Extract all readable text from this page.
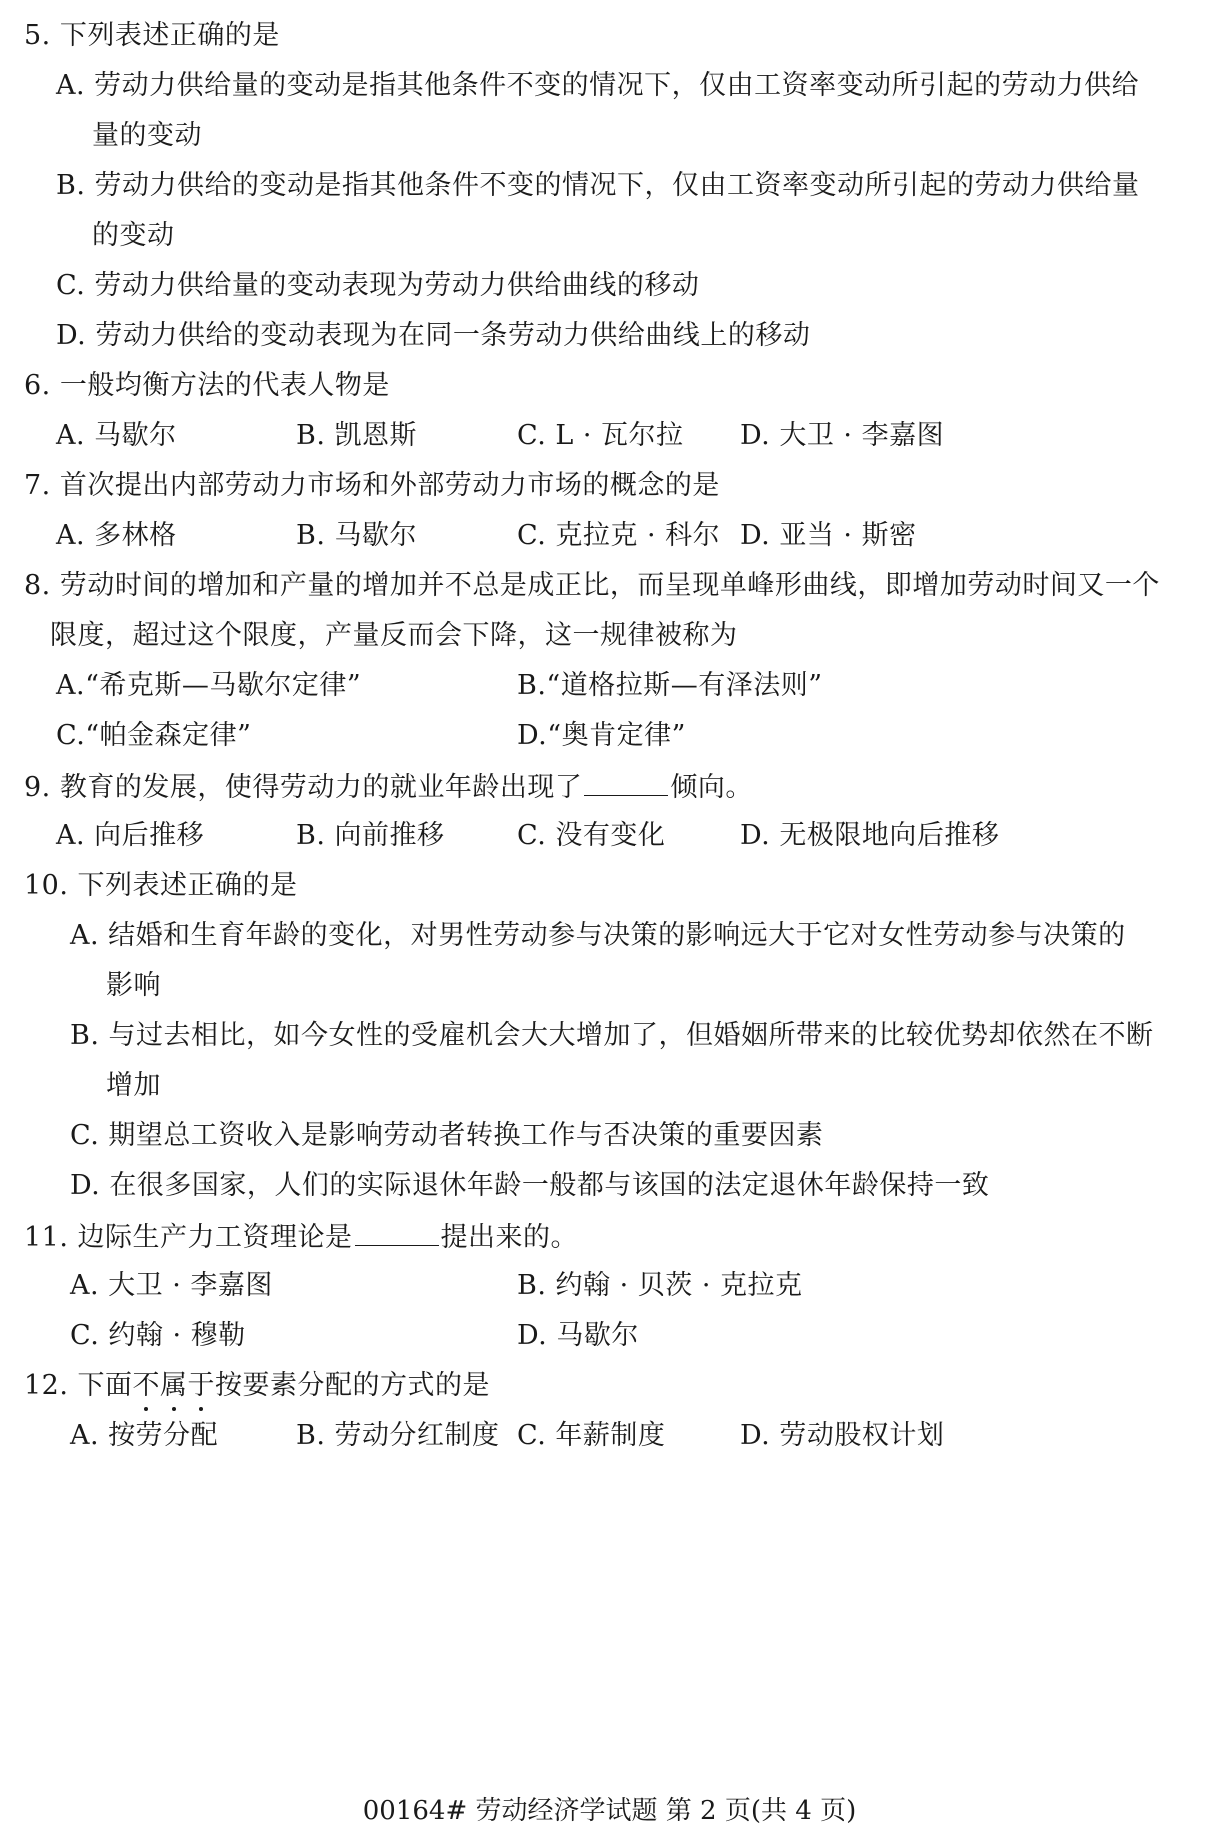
5. 下列表述正确的是
A. 劳动力供给量的变动是指其他条件不变的情况下，仅由工资率变动所引起的劳动力供给
量的变动
B. 劳动力供给的变动是指其他条件不变的情况下，仅由工资率变动所引起的劳动力供给量
的变动
C. 劳动力供给量的变动表现为劳动力供给曲线的移动
D. 劳动力供给的变动表现为在同一条劳动力供给曲线上的移动
6. 一般均衡方法的代表人物是
A. 马歇尔	B. 凯恩斯	C. L · 瓦尔拉 D. 大卫 · 李嘉图
7. 首次提出内部劳动力市场和外部劳动力市场的概念的是
A. 多林格	B. 马歇尔	C. 克拉克 · 科尔 D. 亚当 · 斯密
8. 劳动时间的增加和产量的增加并不总是成正比，而呈现单峰形曲线，即增加劳动时间又一个
限度，超过这个限度，产量反而会下降，这一规律被称为
A.“希克斯—马歇尔定律”	B.“道格拉斯—有泽法则”
C.“帕金森定律”	D.“奥肯定律”
9. 教育的发展，使得劳动力的就业年龄出现了	倾向。
A. 向后推移	B. 向前推移	C. 没有变化	D. 无极限地向后推移
10. 下列表述正确的是
A. 结婚和生育年龄的变化，对男性劳动参与决策的影响远大于它对女性劳动参与决策的
影响
B. 与过去相比，如今女性的受雇机会大大增加了，但婚姻所带来的比较优势却依然在不断
增加
C. 期望总工资收入是影响劳动者转换工作与否决策的重要因素
D. 在很多国家，人们的实际退休年龄一般都与该国的法定退休年龄保持一致
11. 边际生产力工资理论是	提出来的。
A. 大卫 · 李嘉图	B. 约翰 · 贝茨 · 克拉克
C. 约翰 · 穆勒	D. 马歇尔
12. 下面不属于按要素分配的方式的是
A. 按劳分配	B. 劳动分红制度 C. 年薪制度	D. 劳动股权计划
00164# 劳动经济学试题 第 2 页(共 4 页)
